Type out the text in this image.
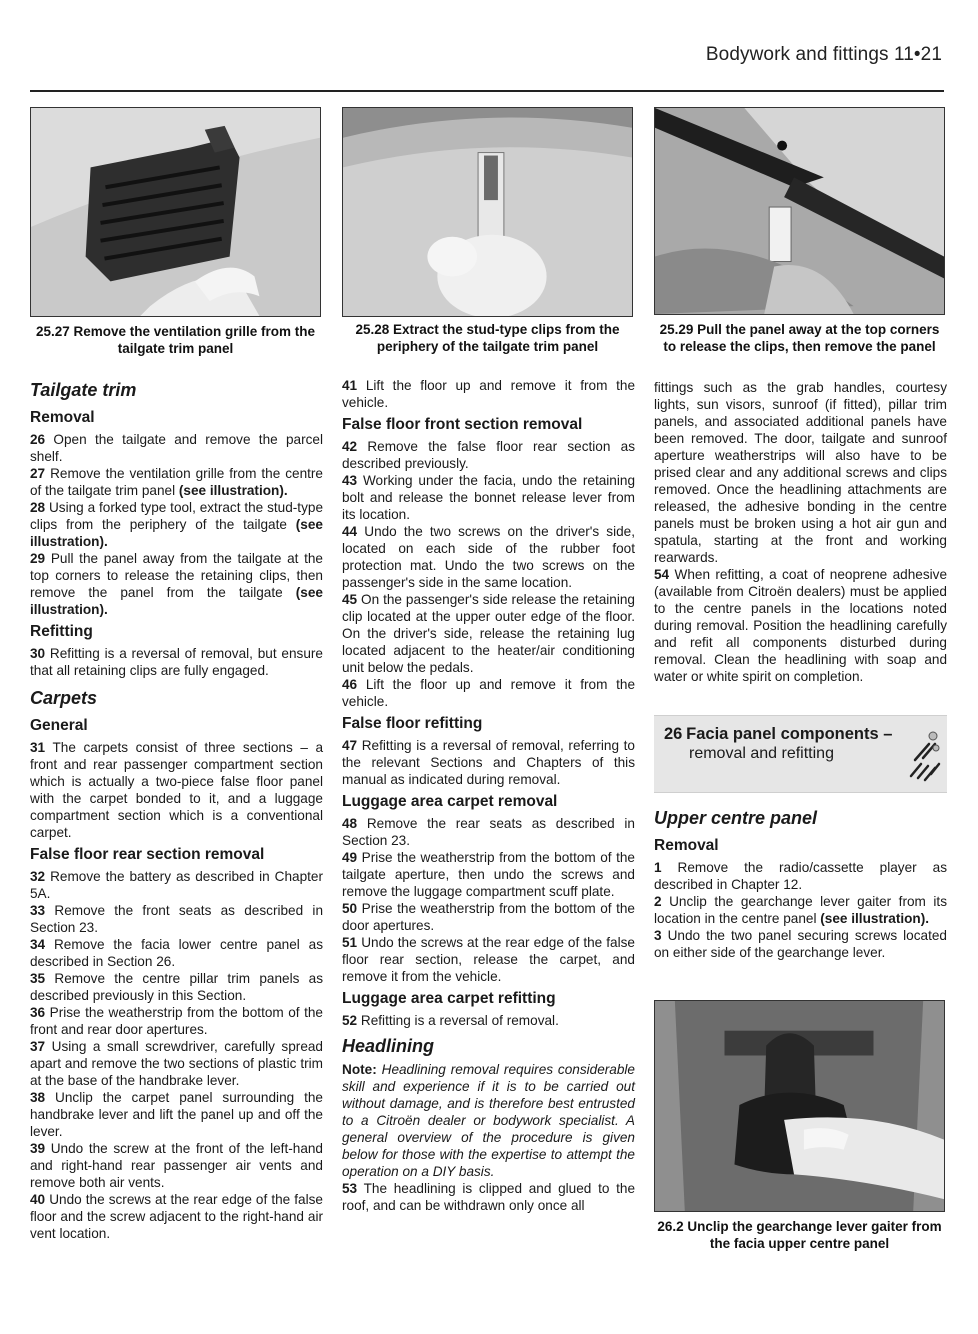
Bodywork and fittings 11•21
25.27 Remove the ventilation grille from the tailgate trim panel
25.28 Extract the stud-type clips from the periphery of the tailgate trim panel
25.29 Pull the panel away at the top corners to release the clips, then remove the panel
Tailgate trim
Removal

26 Open the tailgate and remove the parcel shelf.

27 Remove the ventilation grille from the centre of the tailgate trim panel (see illustration).

28 Using a forked type tool, extract the stud-type clips from the periphery of the tailgate (see illustration).

29 Pull the panel away from the tailgate at the top corners to release the retaining clips, then remove the panel from the tailgate (see illustration).

Refitting

30 Refitting is a reversal of removal, but ensure that all retaining clips are fully engaged.

Carpets
General

31 The carpets consist of three sections – a front and rear passenger compartment section which is actually a two-piece false floor panel with the carpet bonded to it, and a luggage compartment section which is a conventional carpet.

False floor rear section removal

32 Remove the battery as described in Chapter 5A.

33 Remove the front seats as described in Section 23.

34 Remove the facia lower centre panel as described in Section 26.

35 Remove the centre pillar trim panels as described previously in this Section.

36 Prise the weatherstrip from the bottom of the front and rear door apertures.

37 Using a small screwdriver, carefully spread apart and remove the two sections of plastic trim at the base of the handbrake lever.

38 Unclip the carpet panel surrounding the handbrake lever and lift the panel up and off the lever.

39 Undo the screw at the front of the left-hand and right-hand rear passenger air vents and remove both air vents.

40 Undo the screws at the rear edge of the false floor and the screw adjacent to the right-hand air vent location.

41 Lift the floor up and remove it from the vehicle.

False floor front section removal

42 Remove the false floor rear section as described previously.

43 Working under the facia, undo the retaining bolt and release the bonnet release lever from its location.

44 Undo the two screws on the driver's side, located on each side of the rubber foot protection mat. Undo the two screws on the passenger's side in the same location.

45 On the passenger's side release the retaining clip located at the upper outer edge of the floor. On the driver's side, release the retaining lug located adjacent to the heater/air conditioning unit below the pedals.

46 Lift the floor up and remove it from the vehicle.

False floor refitting

47 Refitting is a reversal of removal, referring to the relevant Sections and Chapters of this manual as indicated during removal.

Luggage area carpet removal

48 Remove the rear seats as described in Section 23.

49 Prise the weatherstrip from the bottom of the tailgate aperture, then undo the screws and remove the luggage compartment scuff plate.

50 Prise the weatherstrip from the bottom of the door apertures.

51 Undo the screws at the rear edge of the false floor rear section, release the carpet, and remove it from the vehicle.

Luggage area carpet refitting

52 Refitting is a reversal of removal.

Headlining

Note: Headlining removal requires considerable skill and experience if it is to be carried out without damage, and is therefore best entrusted to a Citroën dealer or bodywork specialist. A general overview of the procedure is given below for those with the expertise to attempt the operation on a DIY basis.

53 The headlining is clipped and glued to the roof, and can be withdrawn only once all

fittings such as the grab handles, courtesy lights, sun visors, sunroof (if fitted), pillar trim panels, and associated additional panels have been removed. The door, tailgate and sunroof aperture weatherstrips will also have to be prised clear and any additional screws and clips removed. Once the headlining attachments are released, the adhesive bonding in the centre panels must be broken using a hot air gun and spatula, starting at the front and working rearwards.

54 When refitting, a coat of neoprene adhesive (available from Citroën dealers) must be applied to the centre panels in the locations noted during removal. Position the headlining carefully and refit all components disturbed during removal. Clean the headlining with soap and water or white spirit on completion.

26 Facia panel components –
removal and refitting
Upper centre panel
Removal

1 Remove the radio/cassette player as described in Chapter 12.

2 Unclip the gearchange lever gaiter from its location in the centre panel (see illustration).

3 Undo the two panel securing screws located on either side of the gearchange lever.

26.2 Unclip the gearchange lever gaiter from the facia upper centre panel
